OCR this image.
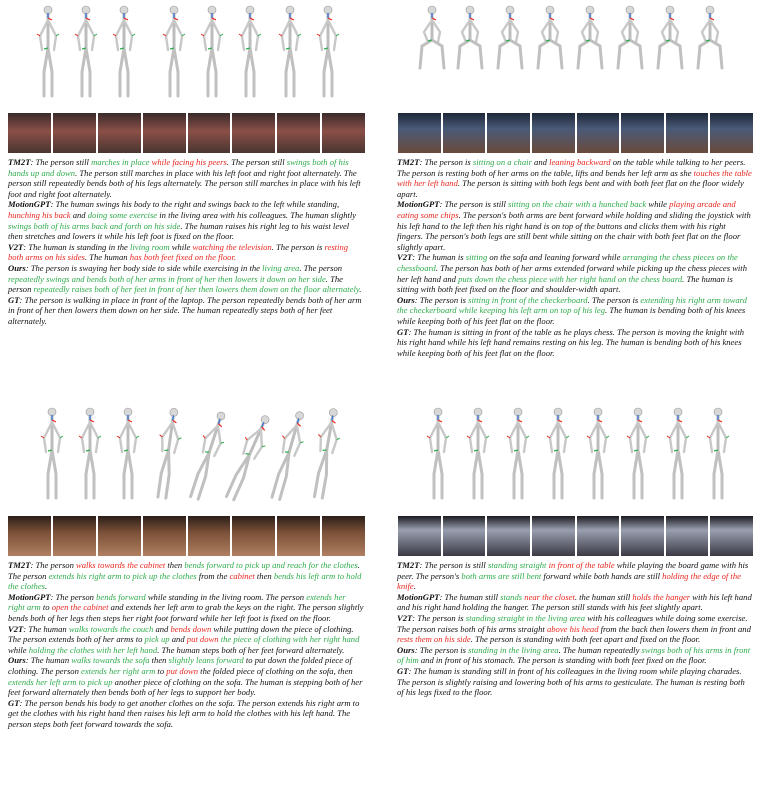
TM2T: The person still marches in place while facing his peers. The person still swings both of his hands up and down. The person still marches in place with his left foot and right foot alternately. The person still repeatedly bends both of his legs alternately. The person still marches in place with his left foot and right foot alternately.

MotionGPT: The human swings his body to the right and swings back to the left while standing, hunching his back and doing some exercise in the living area with his colleagues. The human slightly swings both of his arms back and forth on his side. The human raises his right leg to his waist level then stretches and lowers it while his left foot is fixed on the floor.

V2T: The human is standing in the living room while watching the television. The person is resting both arms on his sides. The human has both feet fixed on the floor.

Ours: The person is swaying her body side to side while exercising in the living area. The person repeatedly swings and bends both of her arms in front of her then lowers it down on her side. The person repeatedly raises both of her feet in front of her then lowers them down on the floor alternately.

GT: The person is walking in place in front of the laptop. The person repeatedly bends both of her arm in front of her then lowers them down on her side. The human repeatedly steps both of her feet alternately.

TM2T: The person is sitting on a chair and leaning backward on the table while talking to her peers. The person is resting both of her arms on the table, lifts and bends her left arm as she touches the table with her left hand. The person is sitting with both legs bent and with both feet flat on the floor widely apart.

MotionGPT: The person is still sitting on the chair with a hunched back while playing arcade and eating some chips. The person's both arms are bent forward while holding and sliding the joystick with his left hand to the left then his right hand is on top of the buttons and clicks them with his right fingers. The person's both legs are still bent while sitting on the chair with both feet flat on the floor slightly apart.

V2T: The human is sitting on the sofa and leaning forward while arranging the chess pieces on the chessboard. The person has both of her arms extended forward while picking up the chess pieces with her left hand and puts down the chess piece with her right hand on the chess board. The human is sitting with both feet fixed on the floor and shoulder-width apart.

Ours: The person is sitting in front of the checkerboard. The person is extending his right arm toward the checkerboard while keeping his left arm on top of his leg. The human is bending both of his knees while keeping both of his feet flat on the floor.

GT: The human is sitting in front of the table as he plays chess. The person is moving the knight with his right hand while his left hand remains resting on his leg. The human is bending both of his knees while keeping both of his feet flat on the floor.

TM2T: The person walks towards the cabinet then bends forward to pick up and reach for the clothes. The person extends his right arm to pick up the clothes from the cabinet then bends his left arm to hold the clothes.

MotionGPT: The person bends forward while standing in the living room. The person extends her right arm to open the cabinet and extends her left arm to grab the keys on the right. The person slightly bends both of her legs then steps her right foot forward while her left foot is fixed on the floor.

V2T: The human walks towards the couch and bends down while putting down the piece of clothing. The person extends both of her arms to pick up and put down the piece of clothing with her right hand while holding the clothes with her left hand. The human steps both of her feet forward alternately.

Ours: The human walks towards the sofa then slightly leans forward to put down the folded piece of clothing. The person extends her right arm to put down the folded piece of clothing on the sofa, then extends her left arm to pick up another piece of clothing on the sofa. The human is stepping both of her feet forward alternately then bends both of her legs to support her body.

GT: The person bends his body to get another clothes on the sofa. The person extends his right arm to get the clothes with his right hand then raises his left arm to hold the clothes with his left hand. The person steps both feet forward towards the sofa.

TM2T: The person is still standing straight in front of the table while playing the board game with his peer. The person's both arms are still bent forward while both hands are still holding the edge of the knife.

MotionGPT: The human still stands near the closet. the human still holds the hanger with his left hand and his right hand holding the hanger. The person still stands with his feet slightly apart.

V2T: The person is standing straight in the living area with his colleagues while doing some exercise. The person raises both of his arms straight above his head from the back then lowers them in front and rests them on his side. The person is standing with both feet apart and fixed on the floor.

Ours: The person is standing in the living area. The human repeatedly swings both of his arms in front of him and in front of his stomach. The person is standing with both feet fixed on the floor.

GT: The human is standing still in front of his colleagues in the living room while playing charades. The person is slightly raising and lowering both of his arms to gesticulate. The human is resting both of his legs fixed to the floor.
